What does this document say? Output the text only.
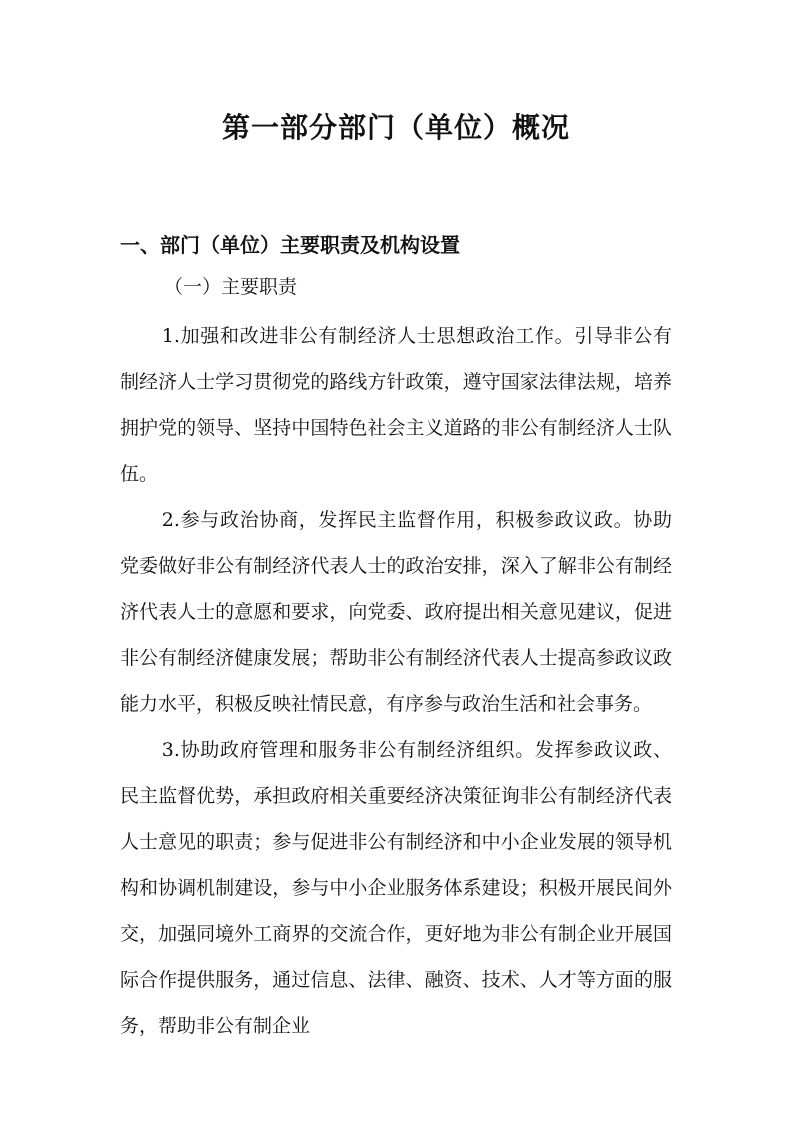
第一部分部门（单位）概况
一、部门（单位）主要职责及机构设置
（一）主要职责

1.加强和改进非公有制经济人士思想政治工作。引导非公有制经济人士学习贯彻党的路线方针政策，遵守国家法律法规，培养拥护党的领导、坚持中国特色社会主义道路的非公有制经济人士队伍。

2.参与政治协商，发挥民主监督作用，积极参政议政。协助党委做好非公有制经济代表人士的政治安排，深入了解非公有制经济代表人士的意愿和要求，向党委、政府提出相关意见建议，促进非公有制经济健康发展；帮助非公有制经济代表人士提高参政议政能力水平，积极反映社情民意，有序参与政治生活和社会事务。

3.协助政府管理和服务非公有制经济组织。发挥参政议政、民主监督优势，承担政府相关重要经济决策征询非公有制经济代表人士意见的职责；参与促进非公有制经济和中小企业发展的领导机构和协调机制建设，参与中小企业服务体系建设；积极开展民间外交，加强同境外工商界的交流合作，更好地为非公有制企业开展国际合作提供服务，通过信息、法律、融资、技术、人才等方面的服务，帮助非公有制企业
